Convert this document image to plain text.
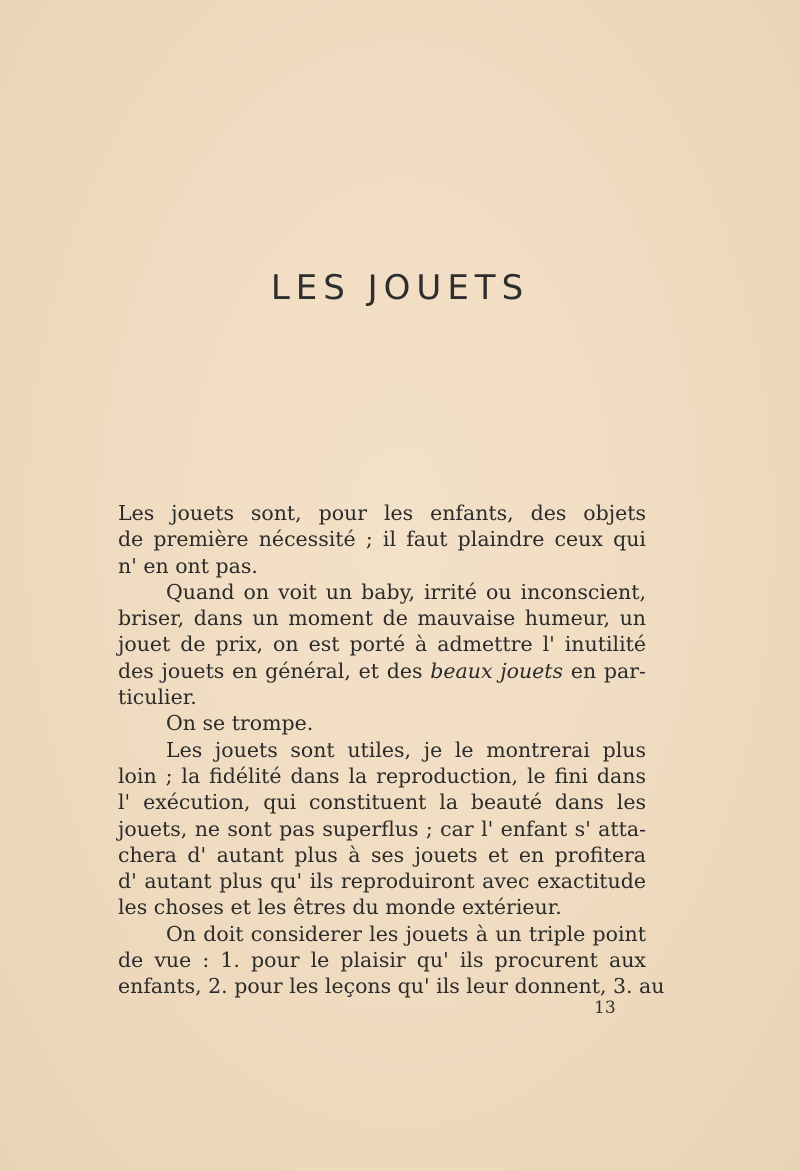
LES JOUETS
Les jouets sont, pour les enfants, des objets
de première nécessité ; il faut plaindre ceux qui
n' en ont pas.
Quand on voit un baby, irrité ou inconscient,
briser, dans un moment de mauvaise humeur, un
jouet de prix, on est porté à admettre l' inutilité
des jouets en général, et des beaux jouets en par-
ticulier.
On se trompe.
Les jouets sont utiles, je le montrerai plus
loin ; la fidélité dans la reproduction, le fini dans
l' exécution, qui constituent la beauté dans les
jouets, ne sont pas superflus ; car l' enfant s' atta-
chera d' autant plus à ses jouets et en profitera
d' autant plus qu' ils reproduiront avec exactitude
les choses et les êtres du monde extérieur.
On doit considerer les jouets à un triple point
de vue : 1. pour le plaisir qu' ils procurent aux
enfants, 2. pour les leçons qu' ils leur donnent, 3. au
13
